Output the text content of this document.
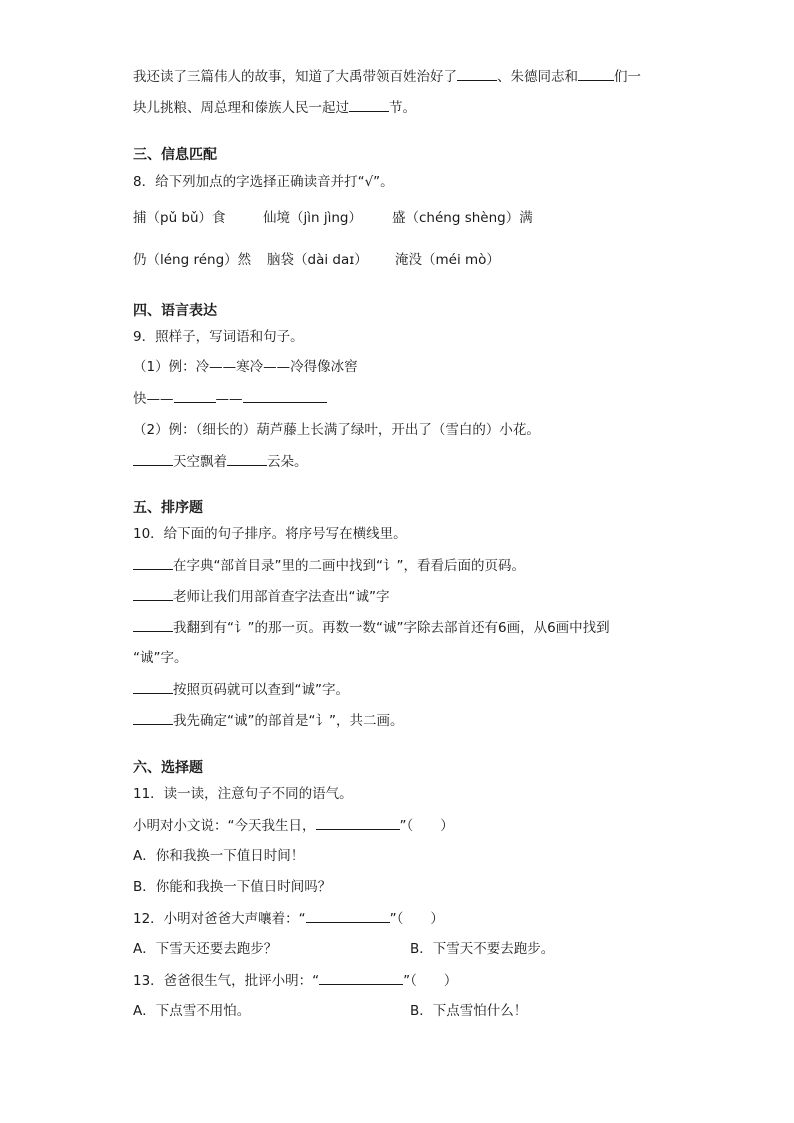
我还读了三篇伟人的故事，知道了大禹带领百姓治好了	、朱德同志和	们一
块儿挑粮、周总理和傣族人民一起过	节。
三、信息匹配
8．给下列加点的字选择正确读音并打“√”。
捕（pǔ bǔ）食	仙境（jìn jìng） 盛（chéng shèng）满
仍（léng réng）然 脑袋（dài daɪ） 淹没（méi mò）
四、语言表达
9．照样子，写词语和句子。
（1）例：冷——寒冷——冷得像冰窖
快——	——
（2）例：（细长的）葫芦藤上长满了绿叶，开出了（雪白的）小花。
天空飘着	云朵。
五、排序题
10．给下面的句子排序。将序号写在横线里。
在字典“部首目录”里的二画中找到“讠”，看看后面的页码。
老师让我们用部首查字法查出“诚”字
我翻到有“讠”的那一页。再数一数“诚”字除去部首还有6画，从6画中找到
“诚”字。
按照页码就可以查到“诚”字。
我先确定“诚”的部首是“讠”，共二画。
六、选择题
11．读一读，注意句子不同的语气。
小明对小文说：“今天我生日，	”（　　）
A．你和我换一下值日时间！
B．你能和我换一下值日时间吗？
12．小明对爸爸大声嚷着：“	”（　　）
A．下雪天还要去跑步？	B．下雪天不要去跑步。
13．爸爸很生气，批评小明：“	”（　　）
A．下点雪不用怕。	B．下点雪怕什么！
